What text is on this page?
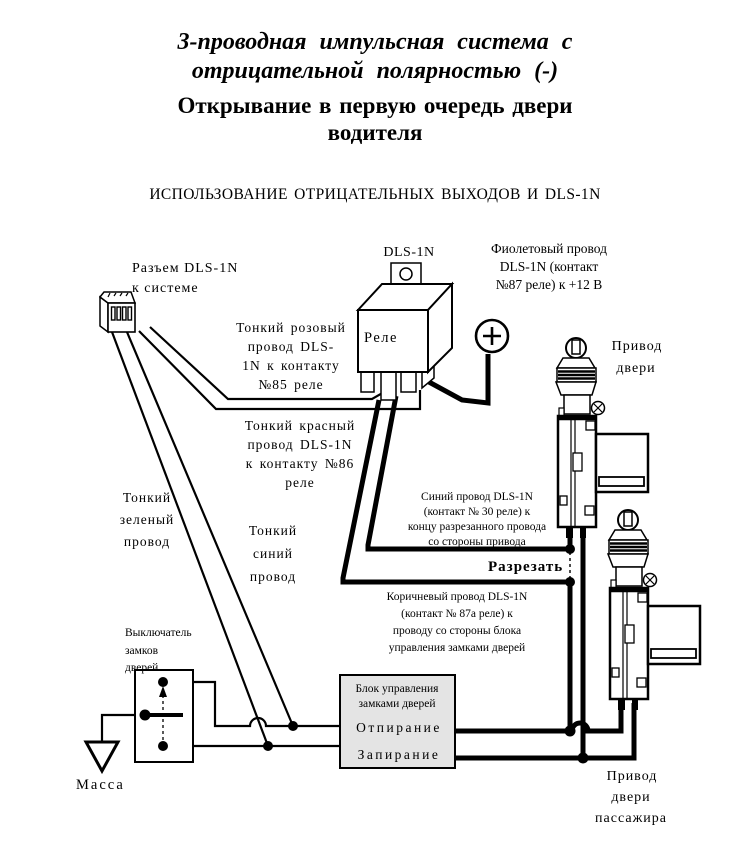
3-проводная импульсная система с
отрицательной полярностью (-)
Открывание в первую очередь двери
водителя
ИСПОЛЬЗОВАНИЕ ОТРИЦАТЕЛЬНЫХ ВЫХОДОВ И DLS-1N
Разъем DLS-1N
к системе
DLS-1N
Реле
Выключатель
замков
дверей
Масса
Блок управления
замками дверей
Отпирание
Запирание
Фиолетовый провод
DLS-1N (контакт
№87 реле) к +12 В
Тонкий розовый
провод DLS-
1N к контакту
№85 реле
Тонкий красный
провод DLS-1N
к контакту №86
реле
Тонкий
зеленый
провод
Тонкий
синий
провод
Синий провод DLS-1N
(контакт № 30 реле) к
концу разрезанного провода
со стороны привода
Разрезать
Коричневый провод DLS-1N
(контакт № 87а реле) к
проводу со стороны блока
управления замками дверей
Привод
двери
Привод
двери
пассажира
